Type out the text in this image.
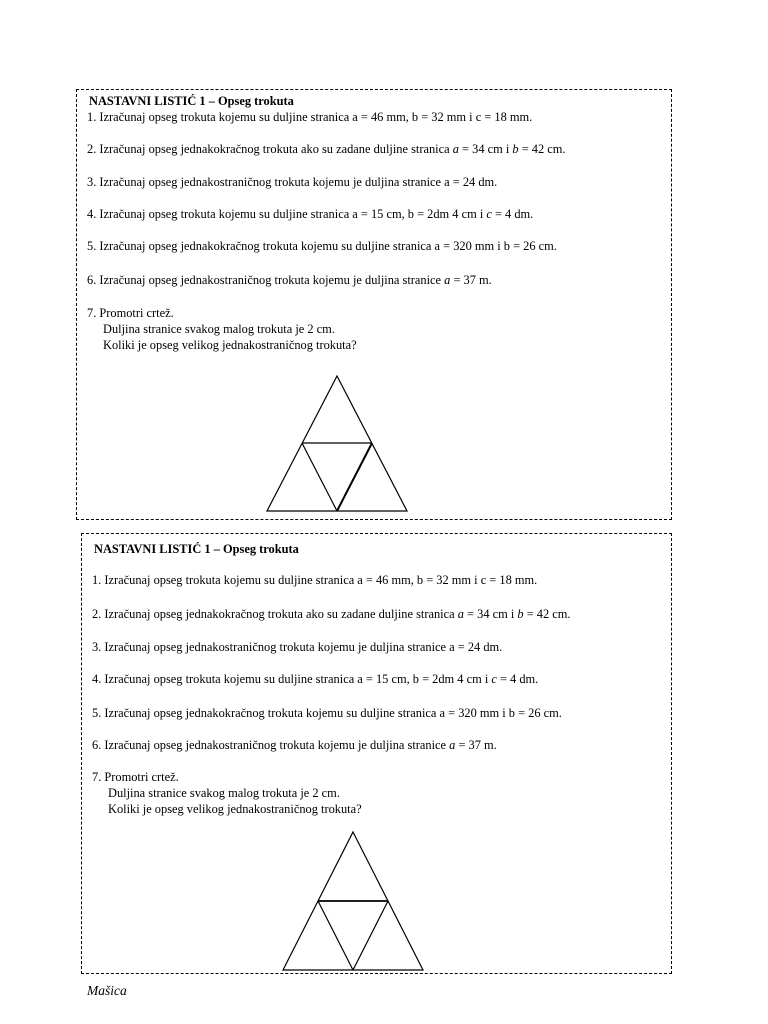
NASTAVNI LISTIĆ 1 – Opseg trokuta
1. Izračunaj opseg trokuta kojemu su duljine stranica a = 46 mm, b = 32 mm i c = 18 mm.
2. Izračunaj opseg jednakokračnog trokuta ako su zadane duljine stranica a = 34 cm i b = 42 cm.
3. Izračunaj opseg jednakostraničnog trokuta kojemu je duljina stranice a = 24 dm.
4. Izračunaj opseg trokuta kojemu su duljine stranica a = 15 cm, b = 2dm 4 cm i c = 4 dm.
5. Izračunaj opseg jednakokračnog trokuta kojemu su duljine stranica a = 320 mm i b = 26 cm.
6. Izračunaj opseg jednakostraničnog trokuta kojemu je duljina stranice a = 37 m.
7. Promotri crtež.
Duljina stranice svakog malog trokuta je 2 cm.
Koliki je opseg velikog jednakostraničnog trokuta?
NASTAVNI LISTIĆ 1 – Opseg trokuta
1. Izračunaj opseg trokuta kojemu su duljine stranica a = 46 mm, b = 32 mm i c = 18 mm.
2. Izračunaj opseg jednakokračnog trokuta ako su zadane duljine stranica a = 34 cm i b = 42 cm.
3. Izračunaj opseg jednakostraničnog trokuta kojemu je duljina stranice a = 24 dm.
4. Izračunaj opseg trokuta kojemu su duljine stranica a = 15 cm, b = 2dm 4 cm i c = 4 dm.
5. Izračunaj opseg jednakokračnog trokuta kojemu su duljine stranica a = 320 mm i b = 26 cm.
6. Izračunaj opseg jednakostraničnog trokuta kojemu je duljina stranice a = 37 m.
7. Promotri crtež.
Duljina stranice svakog malog trokuta je 2 cm.
Koliki je opseg velikog jednakostraničnog trokuta?
Mašica
